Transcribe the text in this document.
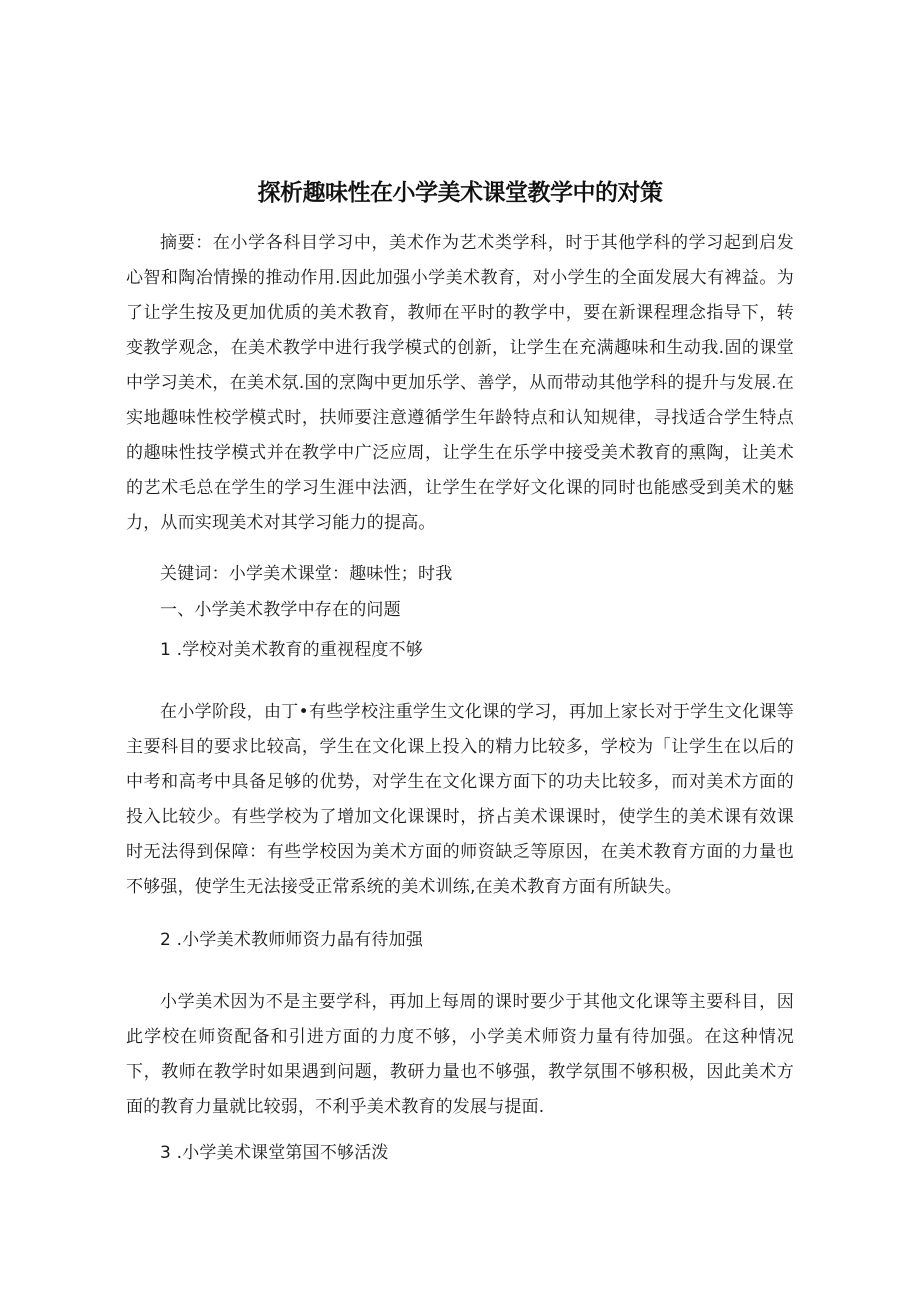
探析趣味性在小学美术课堂教学中的对策
摘要：在小学各科目学习中，美术作为艺术类学科，时于其他学科的学习起到启发心智和陶冶情操的推动作用.因此加强小学美术教育，对小学生的全面发展大有裨益。为了让学生按及更加优质的美术教育，教师在平时的教学中，要在新课程理念指导下，转变教学观念，在美术教学中进行我学模式的创新，让学生在充满趣味和生动我.固的课堂中学习美术，在美术氛.国的烹陶中更加乐学、善学，从而带动其他学科的提升与发展.在实地趣味性校学模式时，扶师要注意遵循学生年龄特点和认知规律，寻找适合学生特点的趣味性技学模式并在教学中广泛应周，让学生在乐学中接受美术教育的熏陶，让美术的艺术毛总在学生的学习生涯中法洒，让学生在学好文化课的同时也能感受到美术的魅力，从而实现美术对其学习能力的提高。
关键词：小学美术课堂：趣味性；时我
一、小学美术教学中存在的问题
1 .学校对美术教育的重视程度不够
在小学阶段，由丁•有些学校注重学生文化课的学习，再加上家长对于学生文化课等主要科目的要求比较高，学生在文化课上投入的精力比较多，学校为「让学生在以后的中考和高考中具备足够的优势，对学生在文化课方面下的功夫比较多，而对美术方面的投入比较少。有些学校为了增加文化课课时，挤占美术课课时，使学生的美术课有效课时无法得到保障：有些学校因为美术方面的师资缺乏等原因，在美术教育方面的力量也不够强，使学生无法接受正常系统的美术训练,在美术教育方面有所缺失。
2 .小学美术教师师资力晶有待加强
小学美术因为不是主要学科，再加上每周的课时要少于其他文化课等主要科目，因此学校在师资配备和引进方面的力度不够，小学美术师资力量有待加强。在这种情况下，教师在教学时如果遇到问题，教研力量也不够强，教学氛围不够积极，因此美术方面的教育力量就比较弱，不利乎美术教育的发展与提面.
3 .小学美术课堂第国不够活泼
